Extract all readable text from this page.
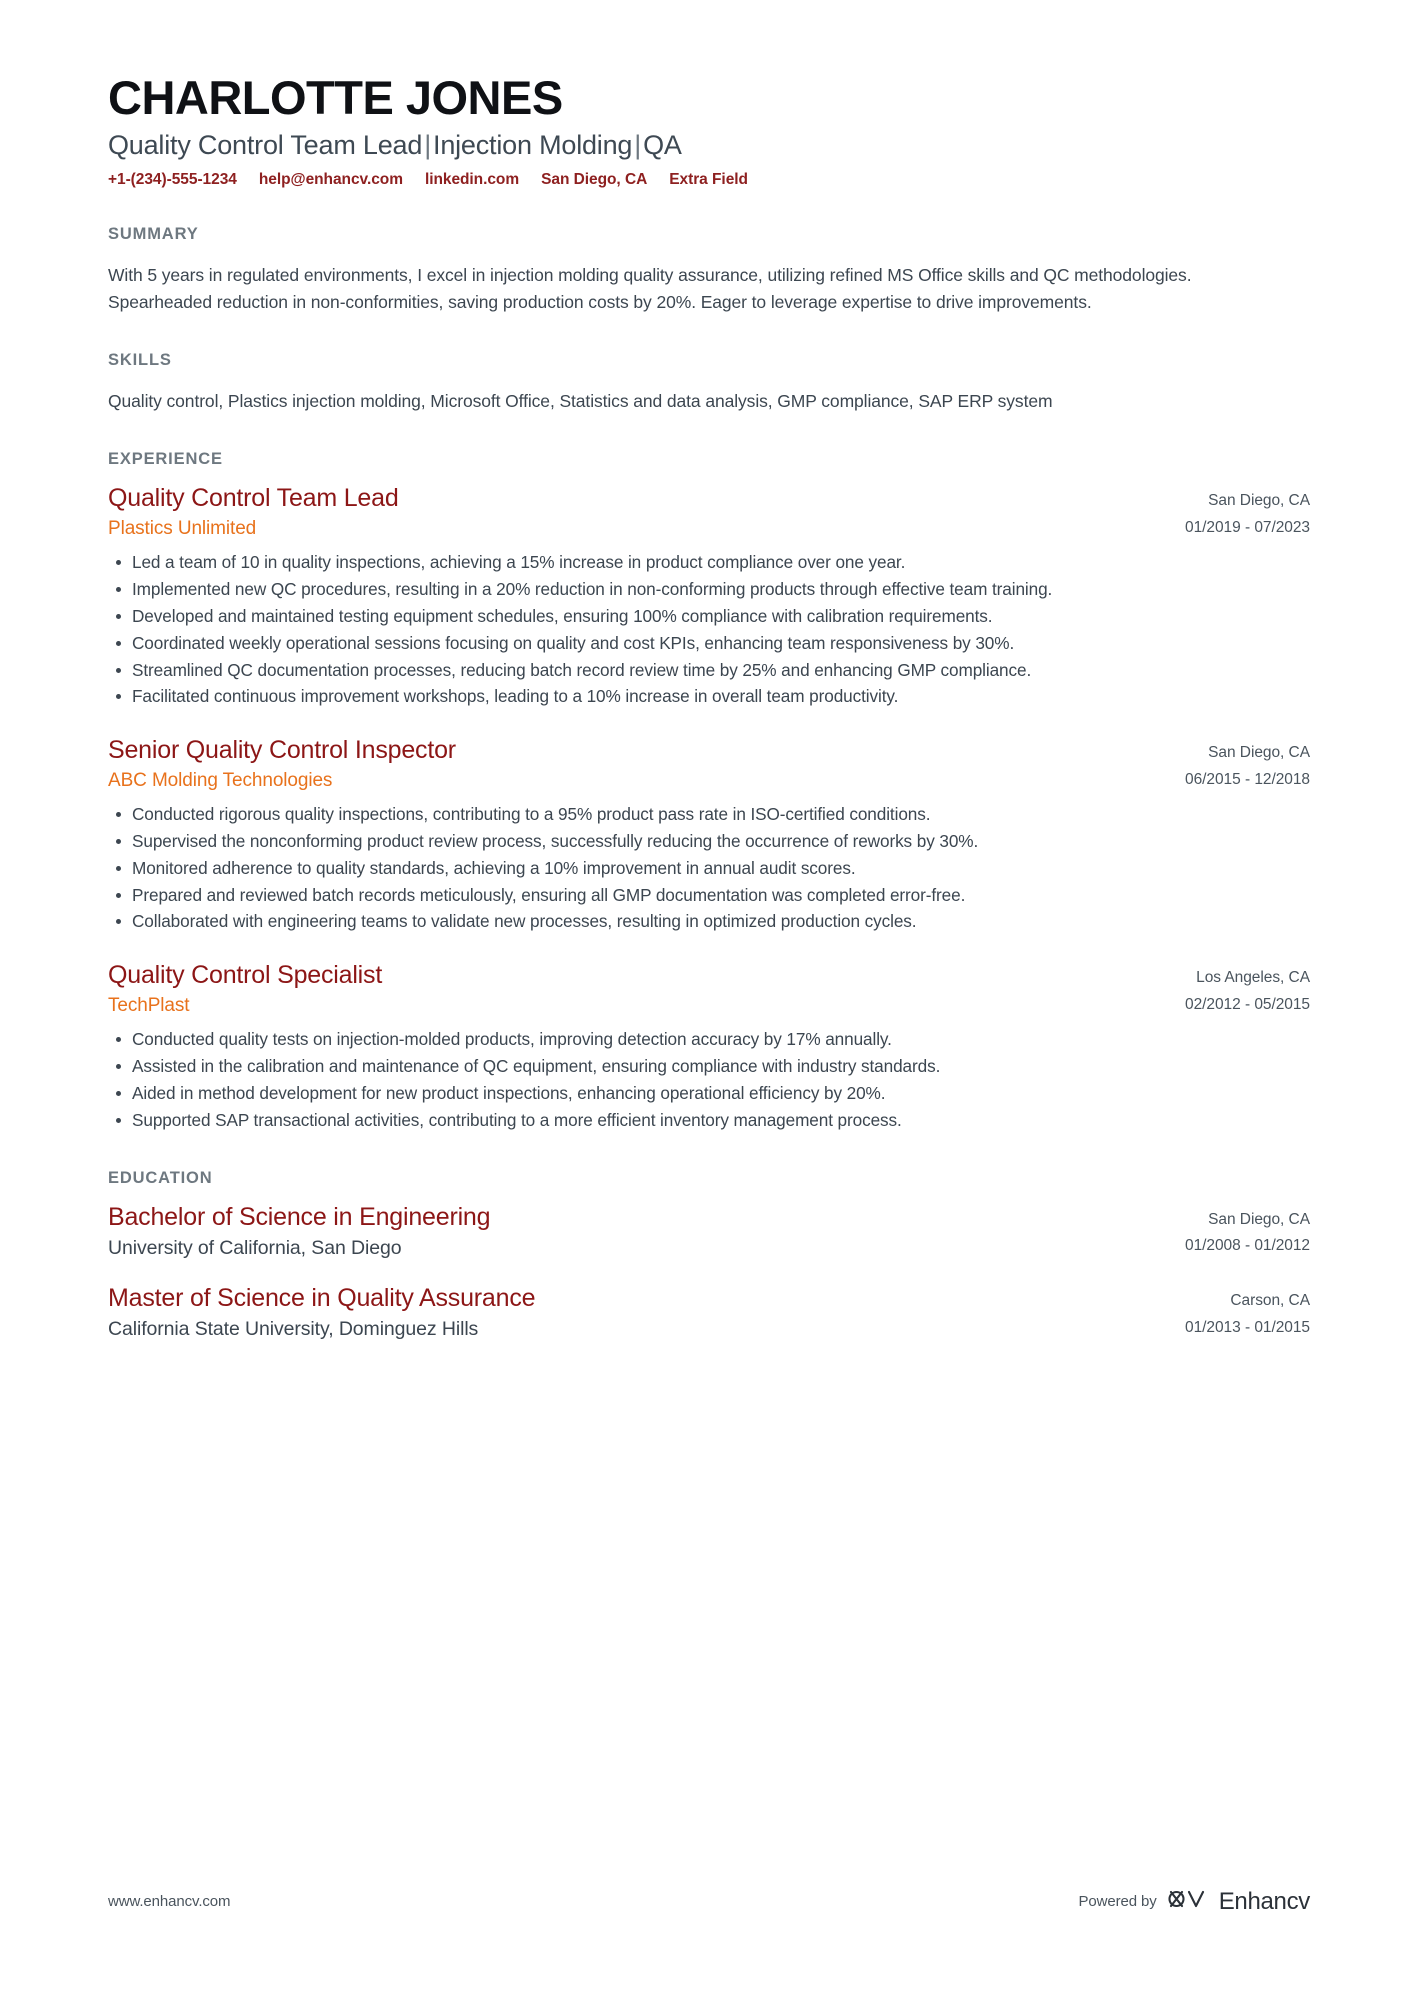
CHARLOTTE JONES
Quality Control Team Lead|Injection Molding|QA
+1-(234)-555-1234 help@enhancv.com linkedin.com San Diego, CA Extra Field
SUMMARY
With 5 years in regulated environments, I excel in injection molding quality assurance, utilizing refined MS Office skills and QC methodologies. Spearheaded reduction in non-conformities, saving production costs by 20%. Eager to leverage expertise to drive improvements.
SKILLS
Quality control, Plastics injection molding, Microsoft Office, Statistics and data analysis, GMP compliance, SAP ERP system
EXPERIENCE
Quality Control Team Lead
Plastics Unlimited
San Diego, CA
01/2019 - 07/2023
Led a team of 10 in quality inspections, achieving a 15% increase in product compliance over one year.
Implemented new QC procedures, resulting in a 20% reduction in non-conforming products through effective team training.
Developed and maintained testing equipment schedules, ensuring 100% compliance with calibration requirements.
Coordinated weekly operational sessions focusing on quality and cost KPIs, enhancing team responsiveness by 30%.
Streamlined QC documentation processes, reducing batch record review time by 25% and enhancing GMP compliance.
Facilitated continuous improvement workshops, leading to a 10% increase in overall team productivity.
Senior Quality Control Inspector
ABC Molding Technologies
San Diego, CA
06/2015 - 12/2018
Conducted rigorous quality inspections, contributing to a 95% product pass rate in ISO-certified conditions.
Supervised the nonconforming product review process, successfully reducing the occurrence of reworks by 30%.
Monitored adherence to quality standards, achieving a 10% improvement in annual audit scores.
Prepared and reviewed batch records meticulously, ensuring all GMP documentation was completed error-free.
Collaborated with engineering teams to validate new processes, resulting in optimized production cycles.
Quality Control Specialist
TechPlast
Los Angeles, CA
02/2012 - 05/2015
Conducted quality tests on injection-molded products, improving detection accuracy by 17% annually.
Assisted in the calibration and maintenance of QC equipment, ensuring compliance with industry standards.
Aided in method development for new product inspections, enhancing operational efficiency by 20%.
Supported SAP transactional activities, contributing to a more efficient inventory management process.
EDUCATION
Bachelor of Science in Engineering
University of California, San Diego
San Diego, CA
01/2008 - 01/2012
Master of Science in Quality Assurance
California State University, Dominguez Hills
Carson, CA
01/2013 - 01/2015
www.enhancv.com	Powered by	Enhancv
